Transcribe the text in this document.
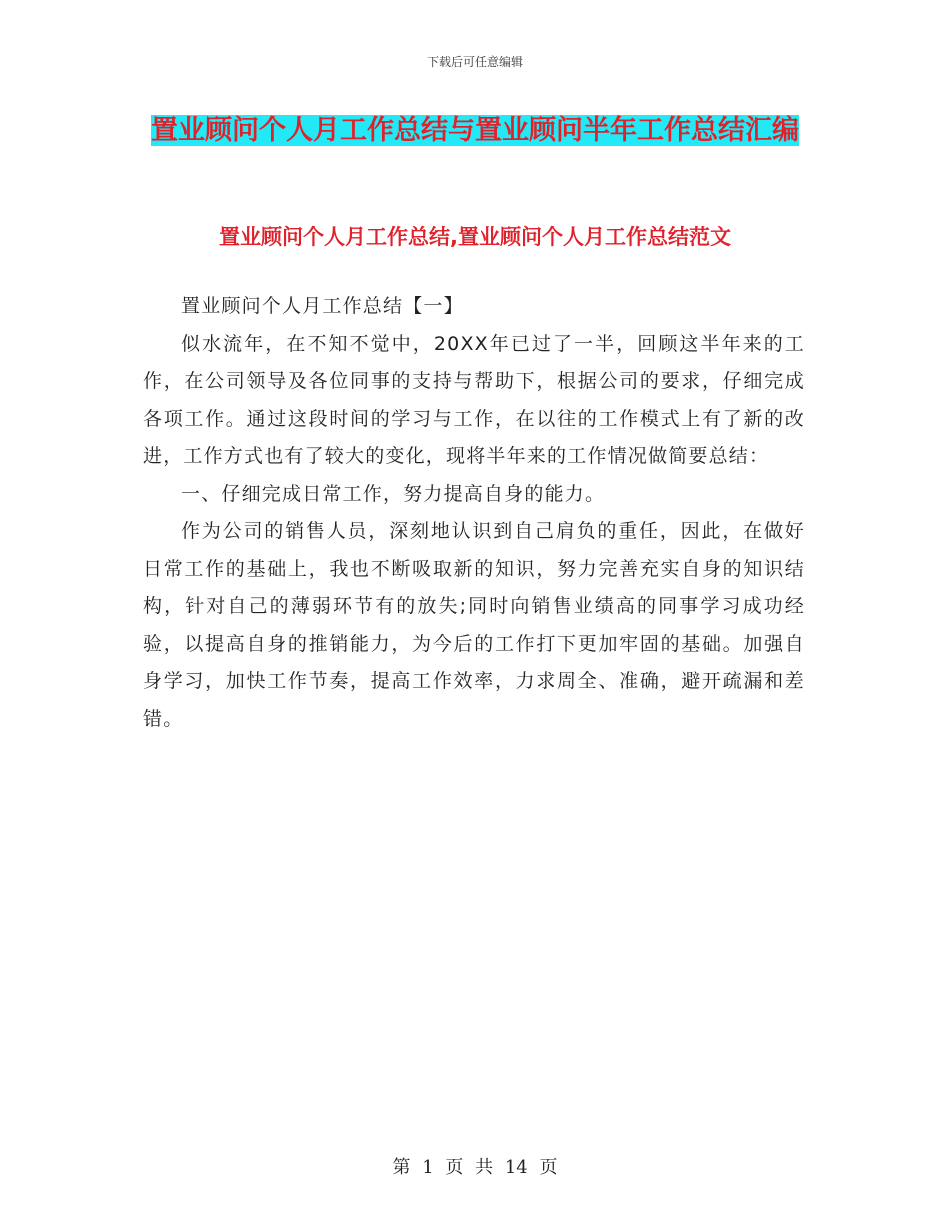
下载后可任意编辑
置业顾问个人月工作总结与置业顾问半年工作总结汇编
置业顾问个人月工作总结,置业顾问个人月工作总结范文

置业顾问个人月工作总结【一】

似水流年，在不知不觉中，20XX年已过了一半，回顾这半年来的工作，在公司领导及各位同事的支持与帮助下，根据公司的要求，仔细完成各项工作。通过这段时间的学习与工作，在以往的工作模式上有了新的改进，工作方式也有了较大的变化，现将半年来的工作情况做简要总结：

一、仔细完成日常工作，努力提高自身的能力。

作为公司的销售人员，深刻地认识到自己肩负的重任，因此，在做好日常工作的基础上，我也不断吸取新的知识，努力完善充实自身的知识结构，针对自己的薄弱环节有的放失;同时向销售业绩高的同事学习成功经验，以提高自身的推销能力，为今后的工作打下更加牢固的基础。加强自身学习，加快工作节奏，提高工作效率，力求周全、准确，避开疏漏和差错。

第 1 页 共 14 页
